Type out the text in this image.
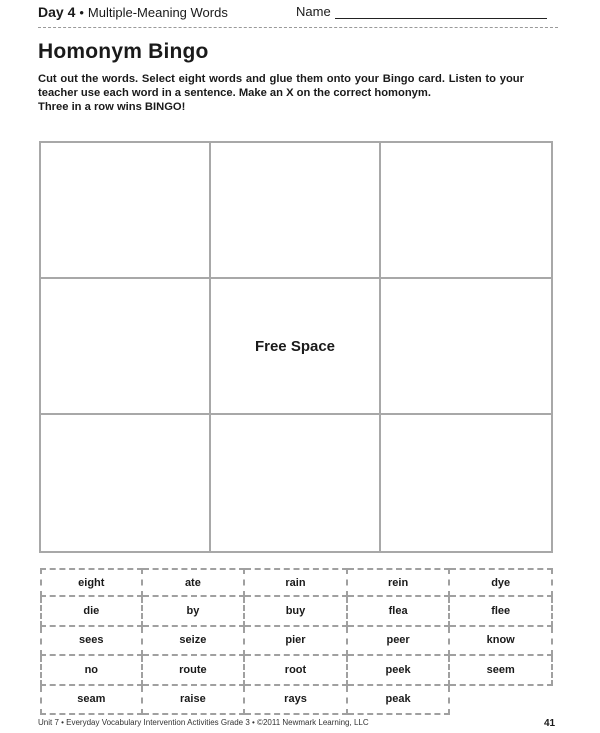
Day 4 • Multiple-Meaning Words	Name
Homonym Bingo

Cut out the words. Select eight words and glue them onto your Bingo card. Listen to your teacher use each word in a sentence. Make an X on the correct homonym.

Three in a row wins BINGO!

Free Space
eight	ate	rain	rein	dye
die	by	buy	flea	flee
sees	seize	pier	peer	know
no	route	root	peek	seem
seam	raise	rays	peak
Unit 7 • Everyday Vocabulary Intervention Activities Grade 3 • ©2011 Newmark Learning, LLC	41
